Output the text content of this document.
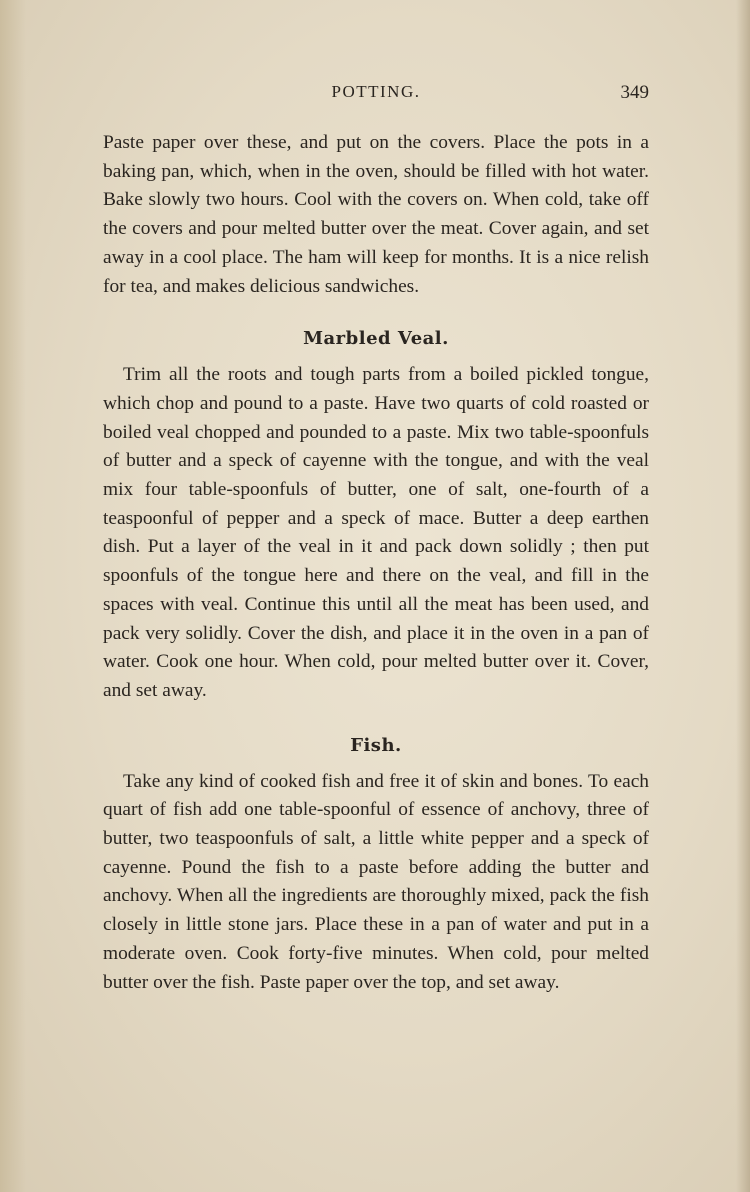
POTTING.	349

Paste paper over these, and put on the covers. Place the pots in a baking pan, which, when in the oven, should be filled with hot water. Bake slowly two hours. Cool with the covers on. When cold, take off the covers and pour melted butter over the meat. Cover again, and set away in a cool place. The ham will keep for months. It is a nice relish for tea, and makes delicious sandwiches.

Marbled Veal.

Trim all the roots and tough parts from a boiled pickled tongue, which chop and pound to a paste. Have two quarts of cold roasted or boiled veal chopped and pounded to a paste. Mix two table-spoonfuls of butter and a speck of cayenne with the tongue, and with the veal mix four table-spoonfuls of butter, one of salt, one-fourth of a teaspoonful of pepper and a speck of mace. Butter a deep earthen dish. Put a layer of the veal in it and pack down solidly ; then put spoonfuls of the tongue here and there on the veal, and fill in the spaces with veal. Continue this until all the meat has been used, and pack very solidly. Cover the dish, and place it in the oven in a pan of water. Cook one hour. When cold, pour melted butter over it. Cover, and set away.

Fish.

Take any kind of cooked fish and free it of skin and bones. To each quart of fish add one table-spoonful of essence of anchovy, three of butter, two teaspoonfuls of salt, a little white pepper and a speck of cayenne. Pound the fish to a paste before adding the butter and anchovy. When all the ingredients are thoroughly mixed, pack the fish closely in little stone jars. Place these in a pan of water and put in a moderate oven. Cook forty-five minutes. When cold, pour melted butter over the fish. Paste paper over the top, and set away.
